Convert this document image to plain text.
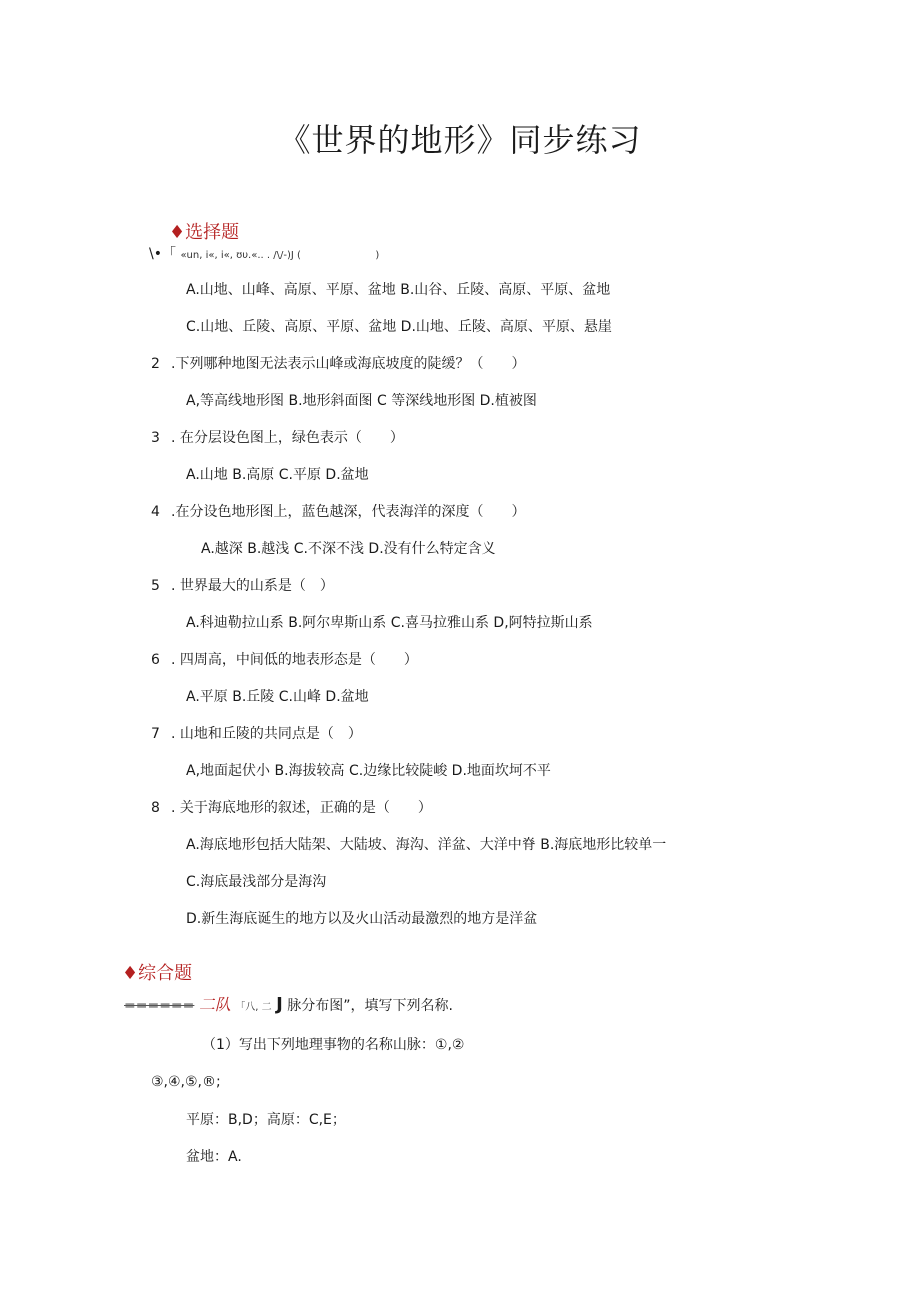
《世界的地形》同步练习
♦选择题
\•「 «un, i«, i«, ʊυ.«.. . /\/-)J (	)
A.山地、山峰、高原、平原、盆地 B.山谷、丘陵、高原、平原、盆地
C.山地、丘陵、高原、平原、盆地 D.山地、丘陵、高原、平原、悬崖
2 .下列哪种地图无法表示山峰或海底坡度的陡缓？（　　）
A,等高线地形图 B.地形斜面图 C 等深线地形图 D.植被图
3 . 在分层设色图上，绿色表示（　　）
A.山地 B.高原 C.平原 D.盆地
4 .在分设色地形图上，蓝色越深，代表海洋的深度（　　）
A.越深 B.越浅 C.不深不浅 D.没有什么特定含义
5 . 世界最大的山系是（　）
A.科迪勒拉山系 B.阿尔卑斯山系 C.喜马拉雅山系 D,阿特拉斯山系
6 . 四周高，中间低的地表形态是（　　）
A.平原 B.丘陵 C.山峰 D.盆地
7 . 山地和丘陵的共同点是（　）
A,地面起伏小 B.海拔较高 C.边缘比较陡峻 D.地面坎坷不平
8 . 关于海底地形的叙述，正确的是（　　）
A.海底地形包括大陆架、大陆坡、海沟、洋盆、大洋中脊 B.海底地形比较单一
C.海底最浅部分是海沟
D.新生海底诞生的地方以及火山活动最激烈的地方是洋盆
♦综合题
====== 二队 「八, 二 J 脉分布图”，填写下列名称.
（1）写出下列地理事物的名称山脉：①,②
③,④,⑤,®;
平原：B,D；高原：C,E；
盆地：A.
